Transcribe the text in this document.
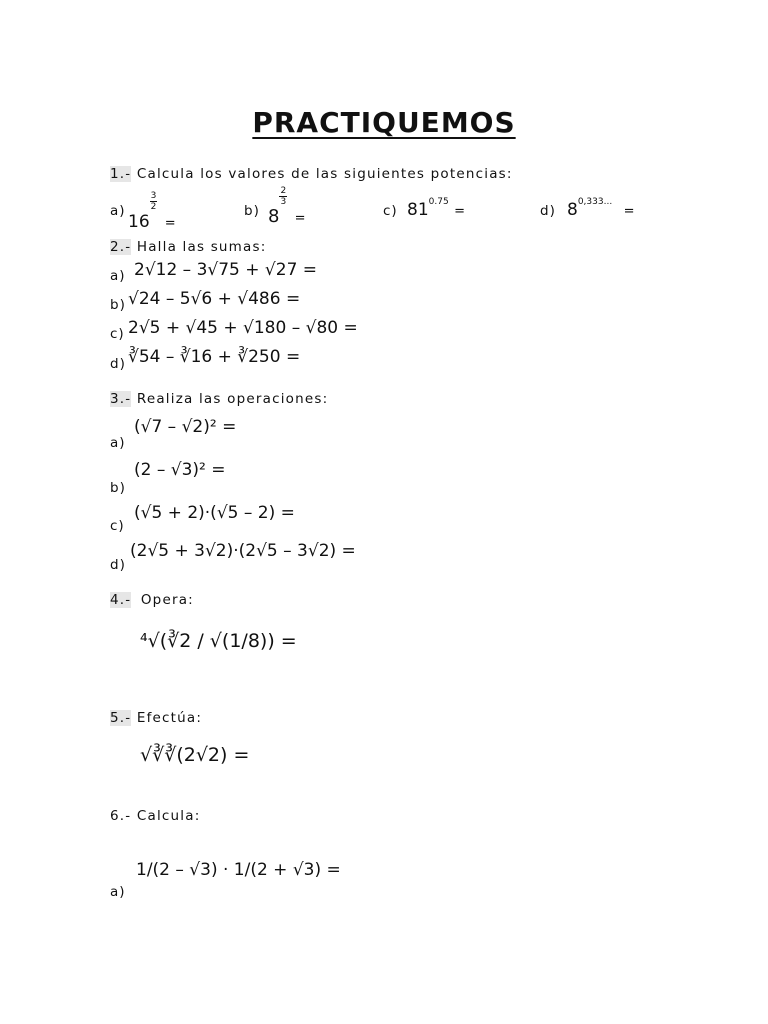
PRACTIQUEMOS
1.- Calcula los valores de las siguientes potencias:
a)
16
$\frac{3}{2}$
$_=$
b) 8
$\frac{2}{3}$
$_=$	c) $81^{0.75}$ =	d) $8^{0,333...}$ =
2.- Halla las sumas:
a) 2√12 – 3√75 + √27 =
b) √24 – 5√6 + √486 =
c) 2√5 + √45 + √180 – √80 =
d) ∛54 – ∛16 + ∛250 =
3.- Realiza las operaciones:
a)
(√7 – √2)² =
b)
(2 – √3)² =
c)
(√5 + 2)·(√5 – 2) =
d)
(2√5 + 3√2)·(2√5 – 3√2) =
4.- Opera:
⁴√(∛2 / √(1/8)) =
5.- Efectúa:
√∛∛(2√2) =
6.- Calcula:
a)
1/(2 – √3) · 1/(2 + √3) =
